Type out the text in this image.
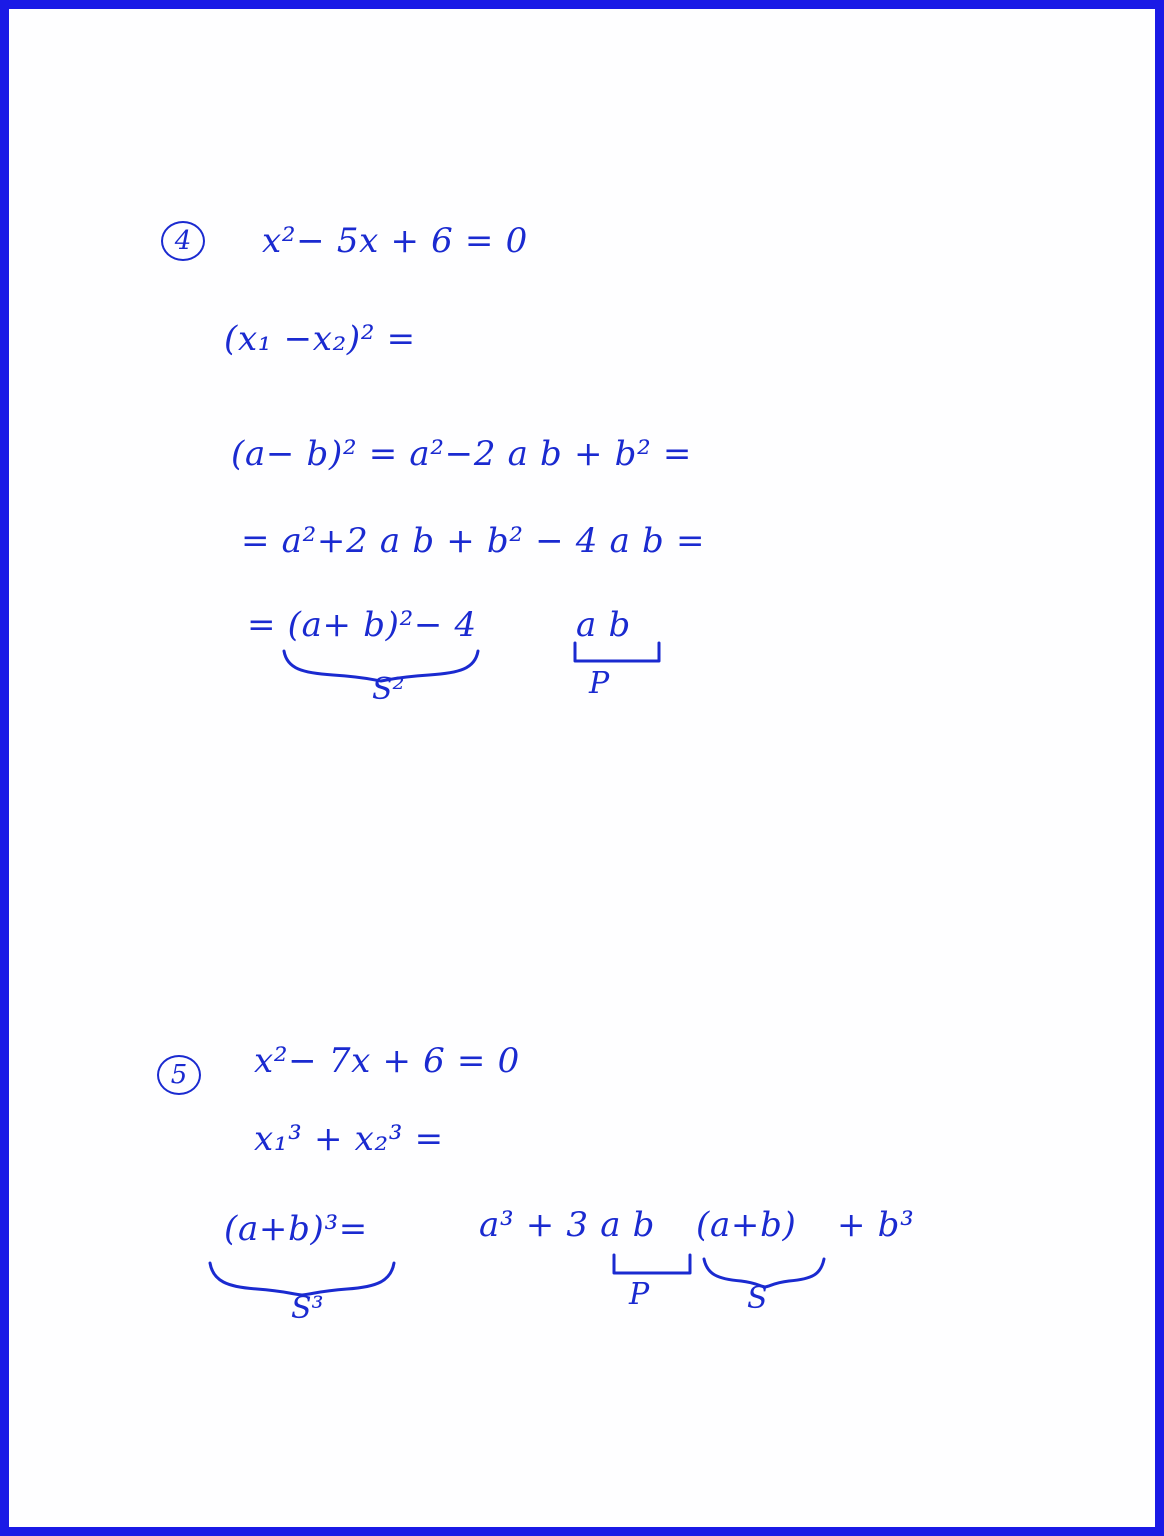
4	x²− 5x + 6 = 0
(x₁ −x₂)² =
(a− b)² = a²−2 a b + b² =
= a²+2 a b + b² − 4 a b =
= (a+ b)²− 4	a b
S²	P
5	x²− 7x + 6 = 0
x₁³ + x₂³ =
(a+b)³=	a³ + 3 a b (a+b) + b³
S³	P	S
